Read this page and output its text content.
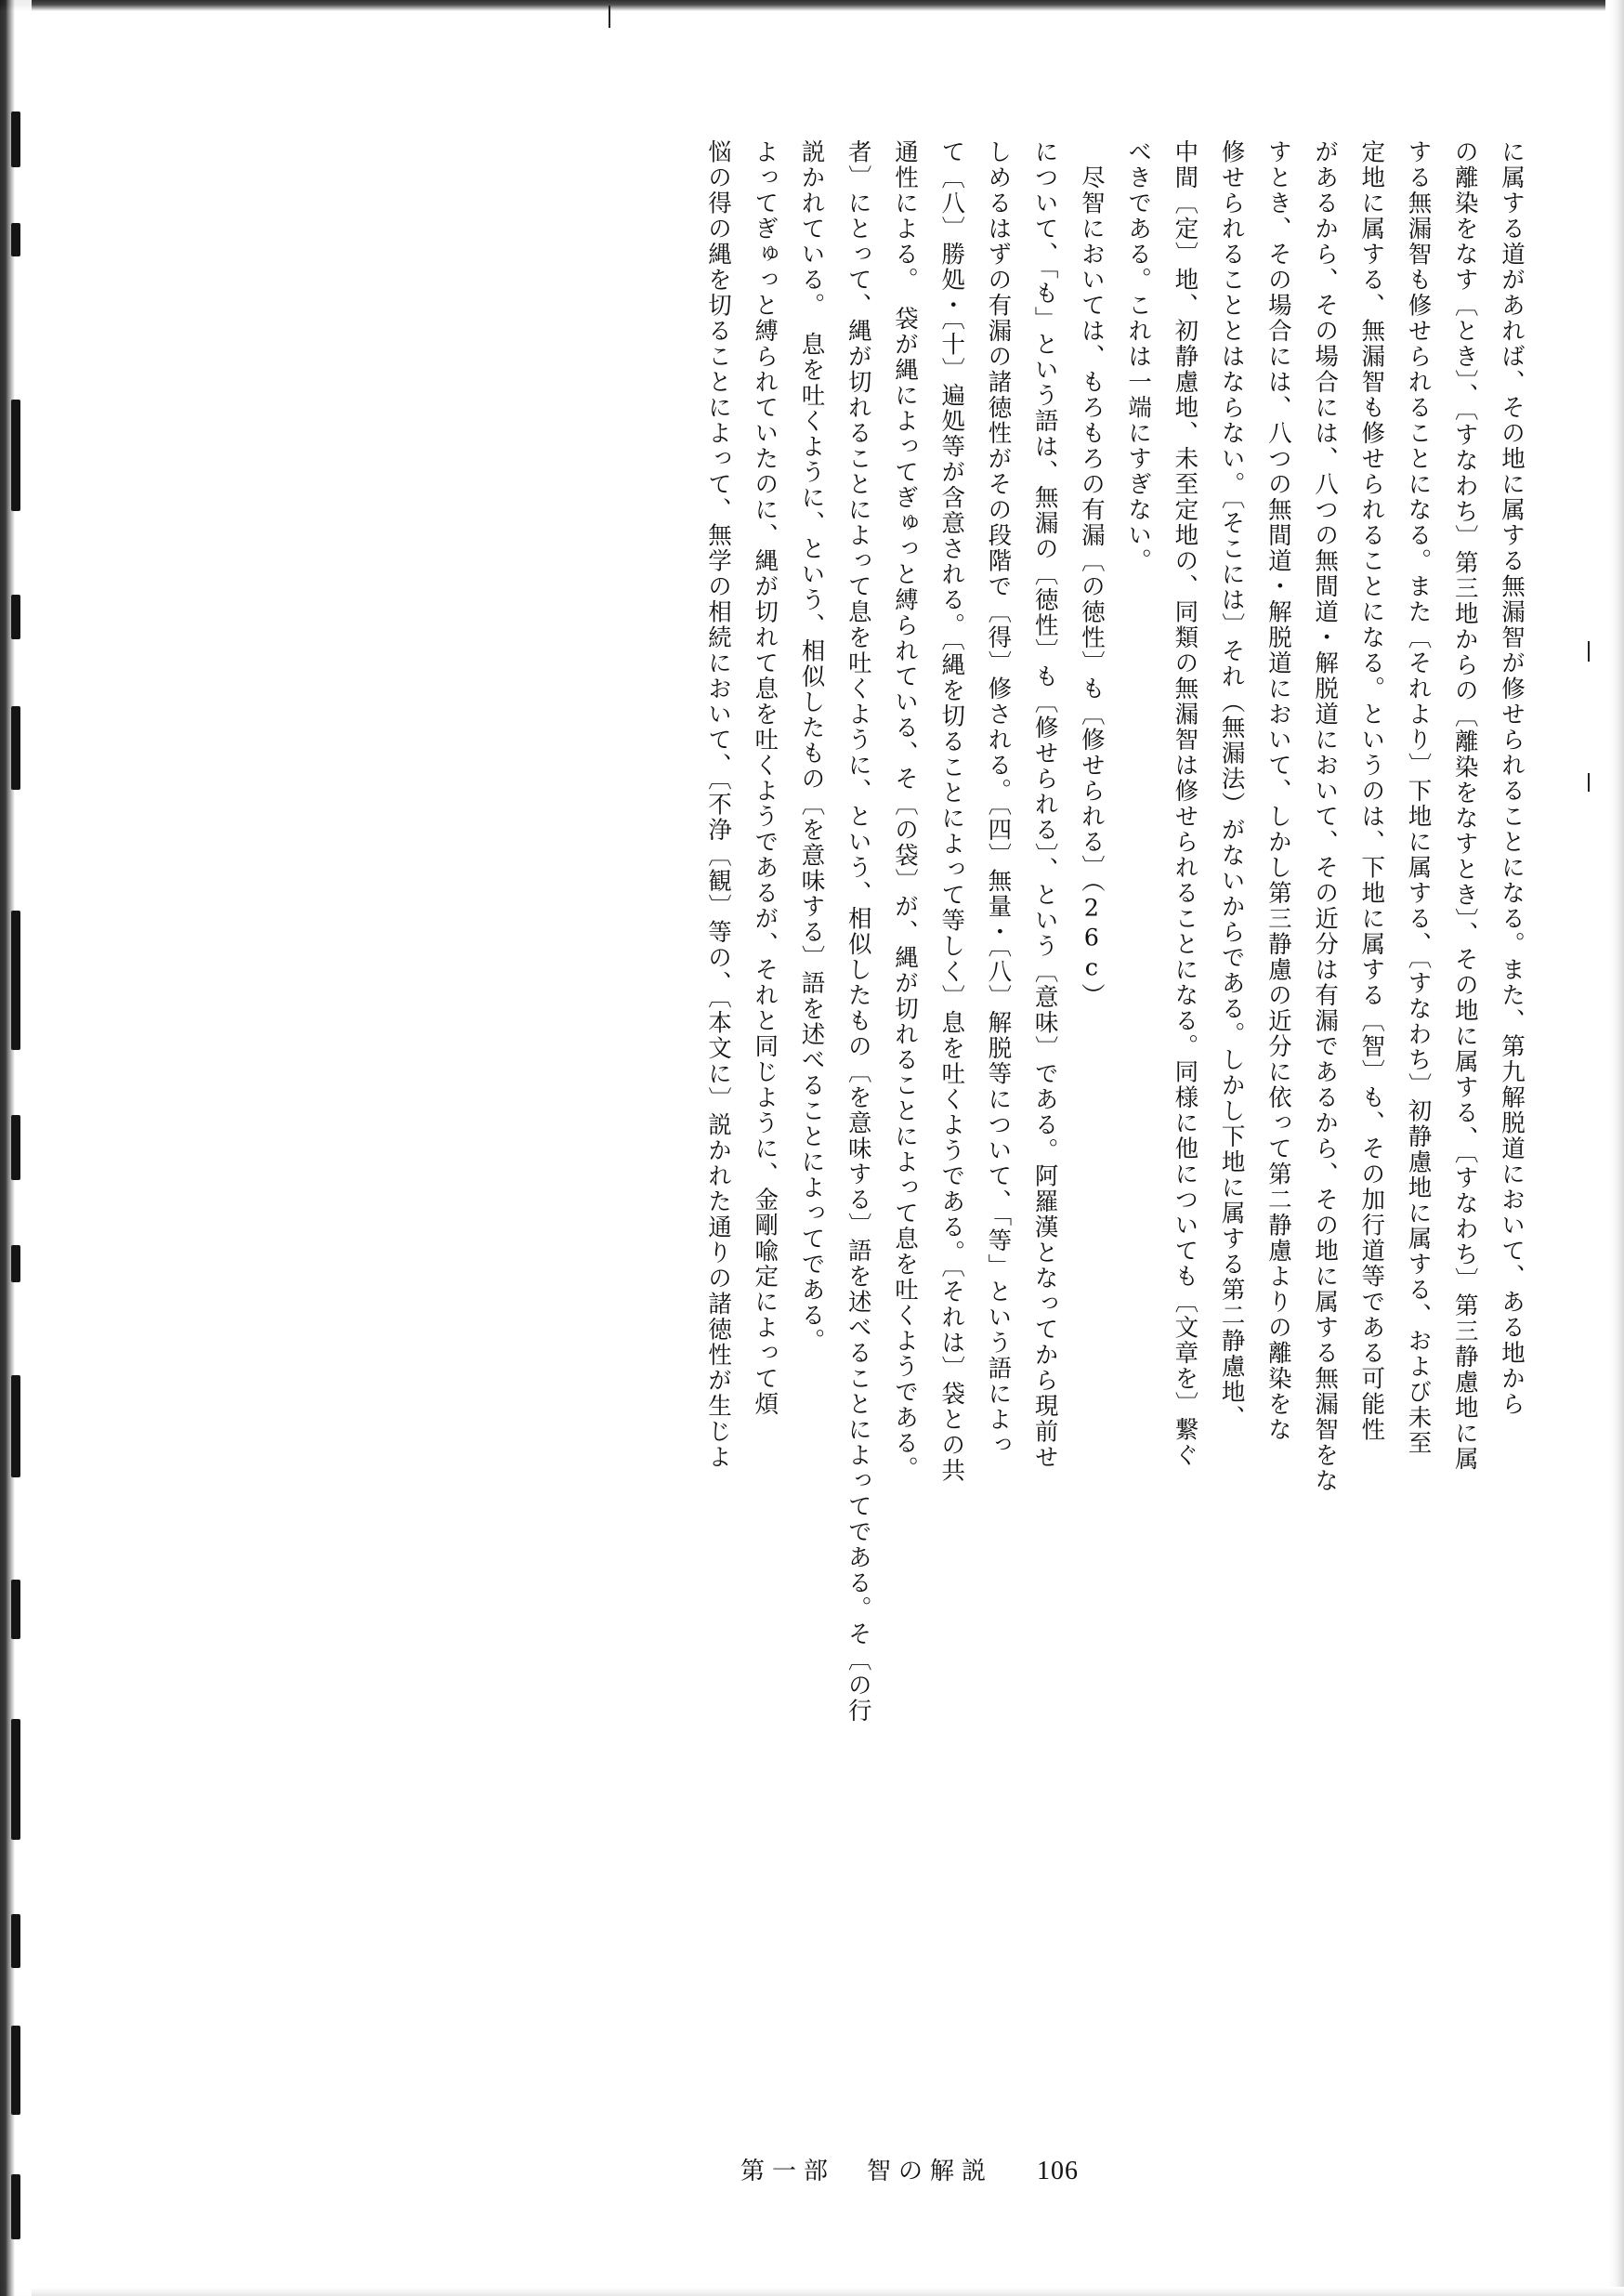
に属する道があれば、その地に属する無漏智が修せられることになる。また、第九解脱道において、ある地から

の離染をなす〔とき〕、〔すなわち〕第三地からの〔離染をなすとき〕、その地に属する、〔すなわち〕第三静慮地に属

する無漏智も修せられることになる。また〔それより〕下地に属する、〔すなわち〕初静慮地に属する、および未至

定地に属する、無漏智も修せられることになる。というのは、下地に属する〔智〕も、その加行道等である可能性

があるから、その場合には、八つの無間道・解脱道において、その近分は有漏であるから、その地に属する無漏智をな

すとき、その場合には、八つの無間道・解脱道において、しかし第三静慮の近分に依って第二静慮よりの離染をな

修せられることとはならない。〔そこには〕それ（無漏法）がないからである。しかし下地に属する第二静慮地、

中間〔定〕地、初静慮地、未至定地の、同類の無漏智は修せられることになる。同様に他についても〔文章を〕繋ぐ

べきである。これは一端にすぎない。

　尽智においては、もろもろの有漏〔の徳性〕も〔修せられる〕（26c）

について、「も」という語は、無漏の〔徳性〕も〔修せられる〕、という〔意味〕である。阿羅漢となってから現前せ

しめるはずの有漏の諸徳性がその段階で〔得〕修される。〔四〕無量・〔八〕解脱等について、「等」という語によっ

て〔八〕勝処・〔十〕遍処等が含意される。〔縄を切ることによって等しく〕息を吐くようである。〔それは〕袋との共

通性による。　袋が縄によってぎゅっと縛られている、そ〔の袋〕が、縄が切れることによって息を吐くようである。

者〕にとって、縄が切れることによって息を吐くように、という、相似したもの〔を意味する〕語を述べることによってである。そ〔の行

説かれている。　息を吐くように、という、相似したもの〔を意味する〕語を述べることによってである。

よってぎゅっと縛られていたのに、縄が切れて息を吐くようであるが、それと同じように、金剛喩定によって煩

悩の得の縄を切ることによって、無学の相続において、〔不浄〔観〕等の、〔本文に〕説かれた通りの諸徳性が生じよ

第一部　智の解説 106
